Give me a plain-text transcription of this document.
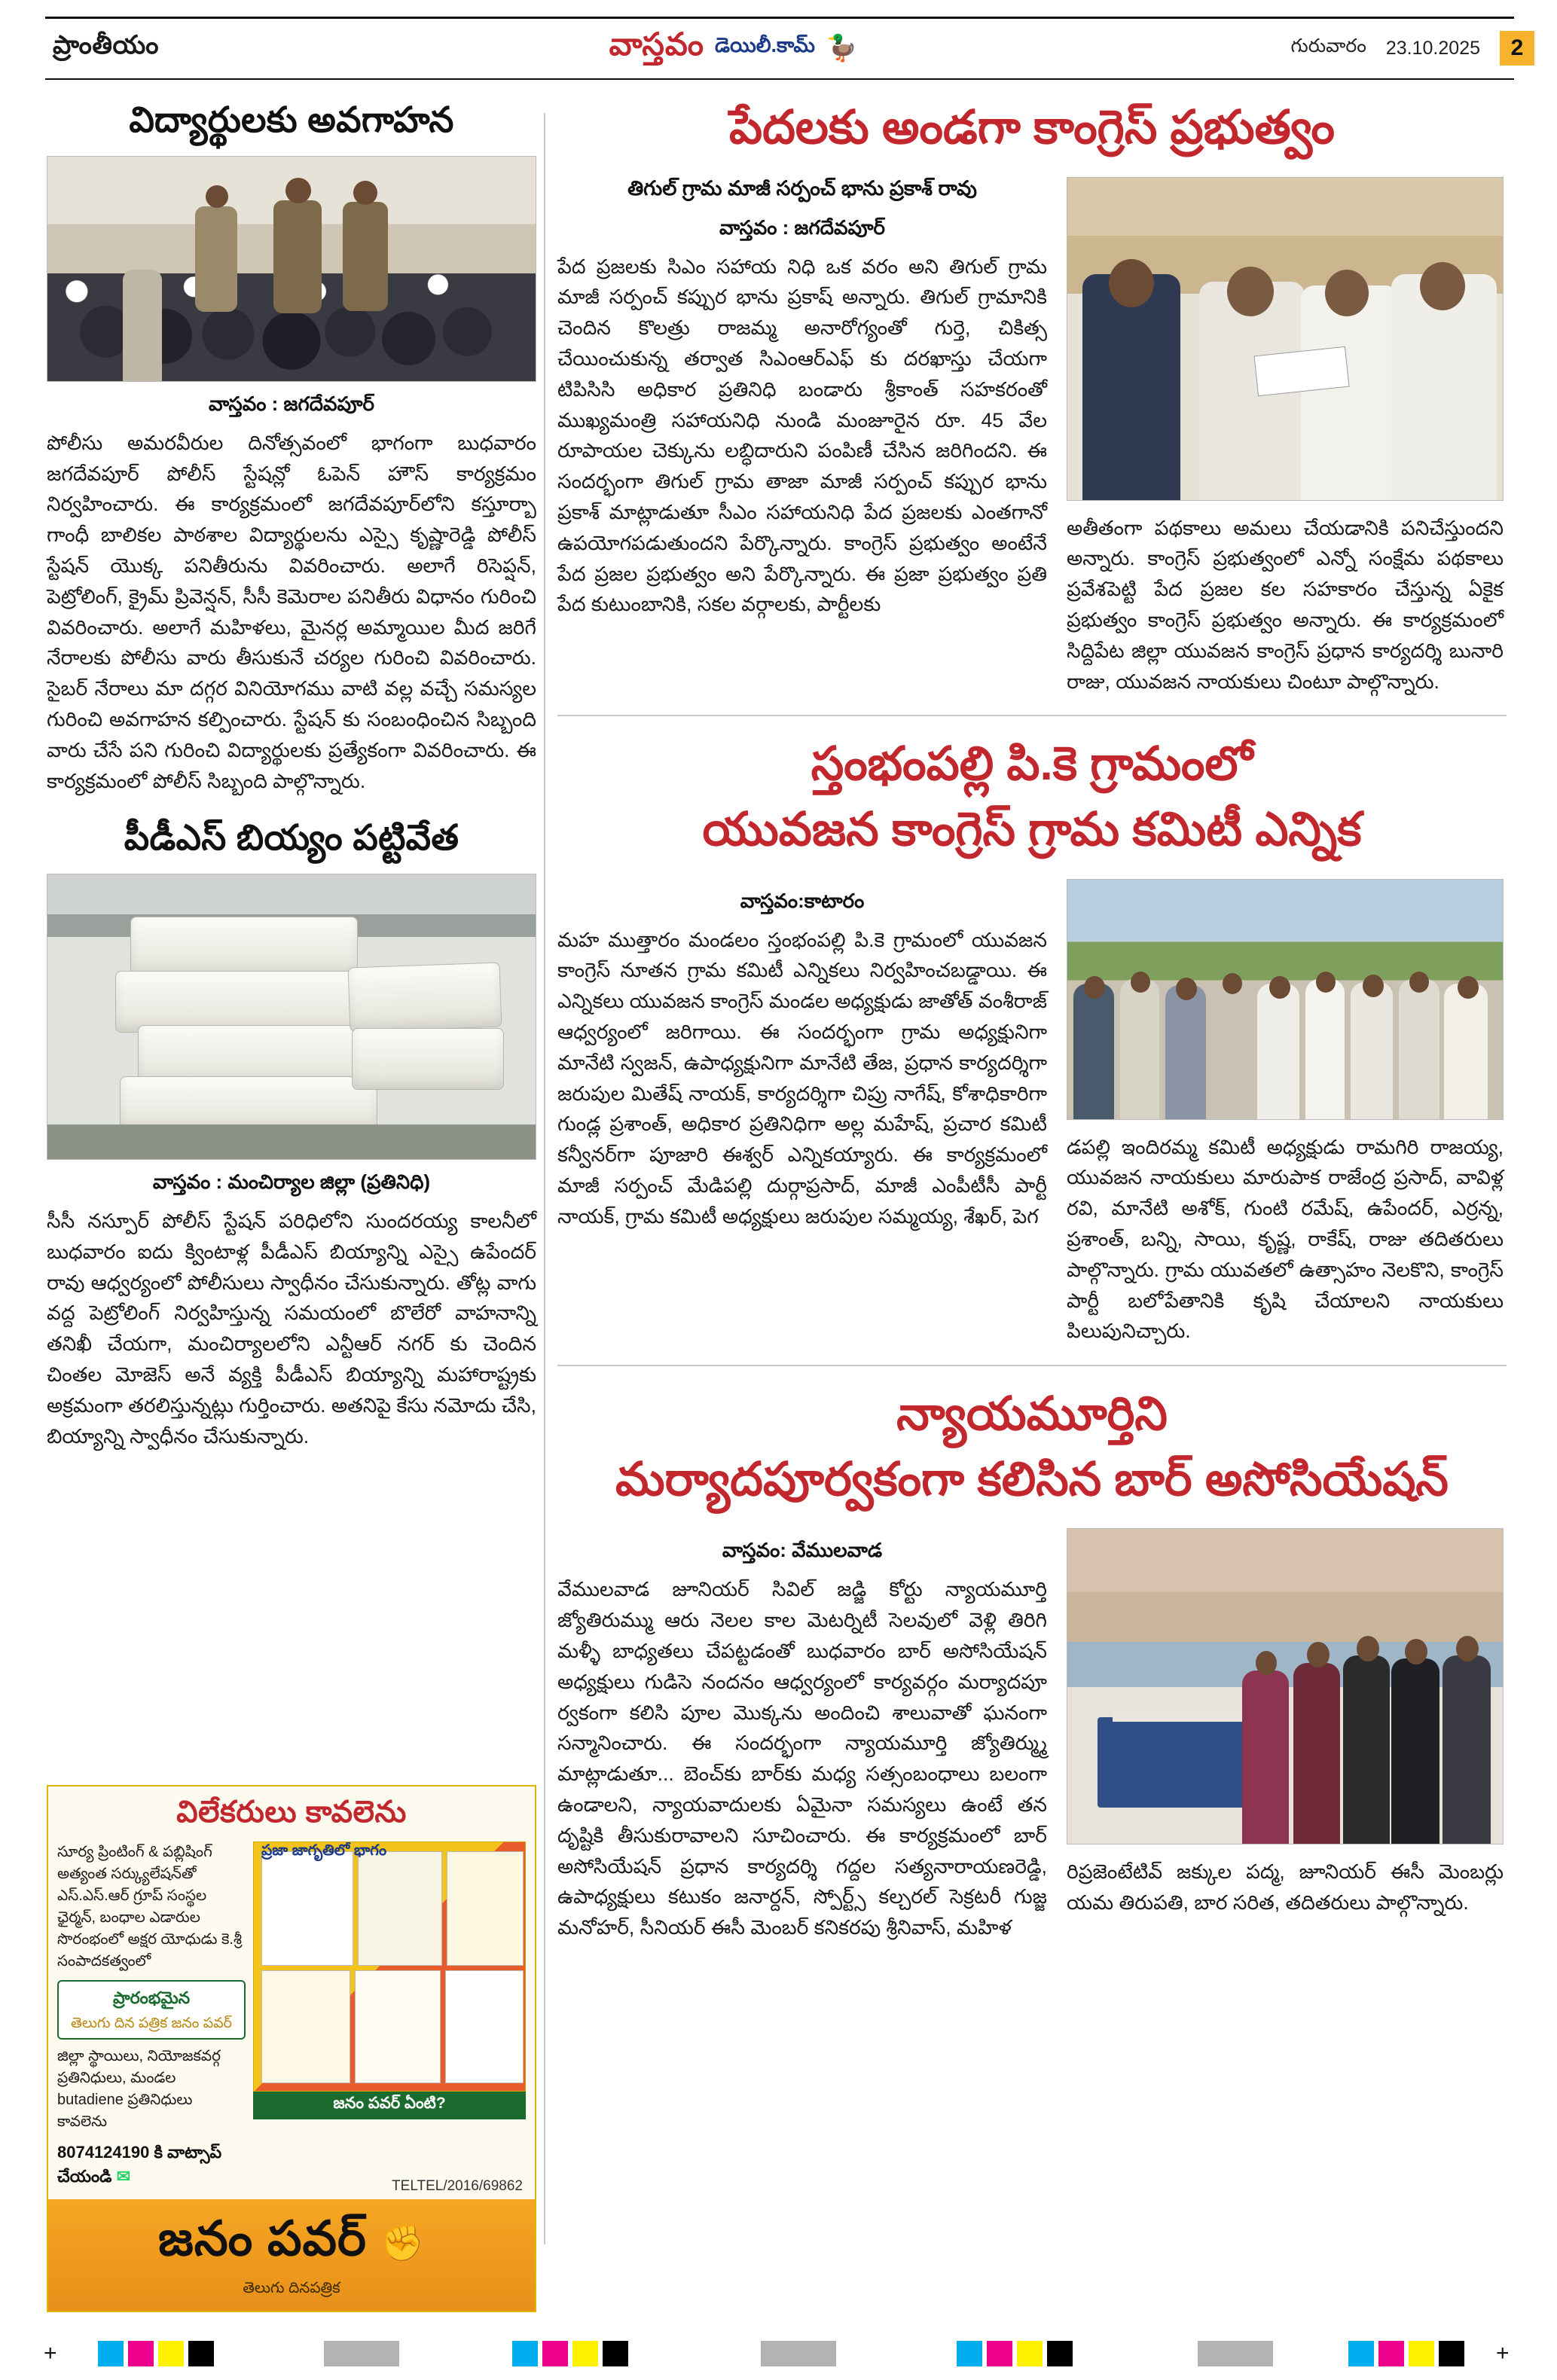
ప్రాంతీయం	వాస్తవం డెయిలీ.కామ్ 🦆	గురువారం 23.10.2025	2
విద్యార్థులకు అవగాహన
వాస్తవం : జగదేవపూర్
పోలీసు అమరవీరుల దినోత్సవంలో భాగంగా బుధవారం జగదేవపూర్ పోలీస్ స్టేషన్లో ఓపెన్ హౌస్ కార్యక్రమం నిర్వహించారు. ఈ కార్యక్రమంలో జగదేవపూర్‌లోని కస్తూర్బా గాంధీ బాలికల పాఠశాల విద్యార్థులను ఎస్సై కృష్ణారెడ్డి పోలీస్ స్టేషన్ యొక్క పనితీరును వివరించారు. అలాగే రిసెప్షన్, పెట్రోలింగ్, క్రైమ్ ప్రివెన్షన్, సీసీ కెమెరాల పనితీరు విధానం గురించి వివరించారు. అలాగే మహిళలు, మైనర్ల అమ్మాయిల మీద జరిగే నేరాలకు పోలీసు వారు తీసుకునే చర్యల గురించి వివరించారు. సైబర్ నేరాలు మా దగ్గర వినియోగము వాటి వల్ల వచ్చే సమస్యల గురించి అవగాహన కల్పించారు. స్టేషన్ కు సంబంధించిన సిబ్బంది వారు చేసే పని గురించి విద్యార్థులకు ప్రత్యేకంగా వివరించారు. ఈ కార్యక్రమంలో పోలీస్ సిబ్బంది పాల్గొన్నారు.
పీడీఎస్ బియ్యం పట్టివేత

వాస్తవం : మంచిర్యాల జిల్లా (ప్రతినిధి)
సీసీ నస్పూర్ పోలీస్ స్టేషన్ పరిధిలోని సుందరయ్య కాలనీలో బుధవారం ఐదు క్వింటాళ్ల పీడీఎస్ బియ్యాన్ని ఎస్సై ఉపేందర్ రావు ఆధ్వర్యంలో పోలీసులు స్వాధీనం చేసుకున్నారు. తోట్ల వాగు వద్ద పెట్రోలింగ్ నిర్వహిస్తున్న సమయంలో బొలేరో వాహనాన్ని తనిఖీ చేయగా, మంచిర్యాలలోని ఎన్టీఆర్ నగర్ కు చెందిన చింతల మోజెస్ అనే వ్యక్తి పీడీఎస్ బియ్యాన్ని మహారాష్ట్రకు అక్రమంగా తరలిస్తున్నట్లు గుర్తించారు. అతనిపై కేసు నమోదు చేసి, బియ్యాన్ని స్వాధీనం చేసుకున్నారు.
పేదలకు అండగా కాంగ్రెస్ ప్రభుత్వం
తిగుల్ గ్రామ మాజీ సర్పంచ్ భాను ప్రకాశ్ రావు
వాస్తవం : జగదేవపూర్
పేద ప్రజలకు సిఎం సహాయ నిధి ఒక వరం అని తిగుల్ గ్రామ మాజీ సర్పంచ్ కప్పుర భాను ప్రకాష్ అన్నారు. తిగుల్ గ్రామానికి చెందిన కొలత్రు రాజమ్మ అనారోగ్యంతో గుర్తె, చికిత్స చేయించుకున్న తర్వాత సిఎంఆర్ఎఫ్ కు దరఖాస్తు చేయగా టిపిసిసి అధికార ప్రతినిధి బండారు శ్రీకాంత్ సహకరంతో ముఖ్యమంత్రి సహాయనిధి నుండి మంజూరైన రూ. 45 వేల రూపాయల చెక్కును లబ్ధిదారుని పంపిణీ చేసిన జరిగిందని. ఈ సందర్భంగా తిగుల్ గ్రామ తాజా మాజీ సర్పంచ్ కప్పుర భాను ప్రకాశ్ మాట్లాడుతూ సీఎం సహాయనిధి పేద ప్రజలకు ఎంతగానో ఉపయోగపడుతుందని పేర్కొన్నారు. కాంగ్రెస్ ప్రభుత్వం అంటేనే పేద ప్రజల ప్రభుత్వం అని పేర్కొన్నారు. ఈ ప్రజా ప్రభుత్వం ప్రతి పేద కుటుంబానికి, సకల వర్గాలకు, పార్టీలకు
అతీతంగా పథకాలు అమలు చేయడానికి పనిచేస్తుందని అన్నారు. కాంగ్రెస్ ప్రభుత్వంలో ఎన్నో సంక్షేమ పథకాలు ప్రవేశపెట్టి పేద ప్రజల కల సహకారం చేస్తున్న ఏకైక ప్రభుత్వం కాంగ్రెస్ ప్రభుత్వం అన్నారు. ఈ కార్యక్రమంలో సిద్దిపేట జిల్లా యువజన కాంగ్రెస్ ప్రధాన కార్యదర్శి బునారి రాజు, యువజన నాయకులు చింటూ పాల్గొన్నారు.
స్తంభంపల్లి పి.కె గ్రామంలో
యువజన కాంగ్రెస్ గ్రామ కమిటీ ఎన్నిక
వాస్తవం:కాటారం
మహ ముత్తారం మండలం స్తంభంపల్లి పి.కె గ్రామంలో యువజన కాంగ్రెస్ నూతన గ్రామ కమిటీ ఎన్నికలు నిర్వహించబడ్డాయి. ఈ ఎన్నికలు యువజన కాంగ్రెస్ మండల అధ్యక్షుడు జాతోత్ వంశీరాజ్ ఆధ్వర్యంలో జరిగాయి. ఈ సందర్భంగా గ్రామ అధ్యక్షునిగా మానేటి స్వజన్, ఉపాధ్యక్షునిగా మానేటి తేజ, ప్రధాన కార్యదర్శిగా జరుపుల మితేష్ నాయక్, కార్యదర్శిగా చిప్రు నాగేష్, కోశాధికారిగా గుండ్ల ప్రశాంత్, అధికార ప్రతినిధిగా అల్ల మహేష్, ప్రచార కమిటీ కన్వీనర్‌గా పూజారి ఈశ్వర్ ఎన్నికయ్యారు. ఈ కార్యక్రమంలో మాజీ సర్పంచ్ మేడిపల్లి దుర్గాప్రసాద్, మాజీ ఎంపీటీసీ పార్టీ నాయక్, గ్రామ కమిటీ అధ్యక్షులు జరుపుల సమ్మయ్య, శేఖర్, పెగ
డపల్లి ఇందిరమ్మ కమిటీ అధ్యక్షుడు రామగిరి రాజయ్య, యువజన నాయకులు మారుపాక రాజేంద్ర ప్రసాద్, వావిళ్ల రవి, మానేటి అశోక్, గుంటి రమేష్, ఉపేందర్, ఎర్రన్న, ప్రశాంత్, బన్ని, సాయి, కృష్ణ, రాకేష్, రాజు తదితరులు పాల్గొన్నారు. గ్రామ యువతలో ఉత్సాహం నెలకొని, కాంగ్రెస్ పార్టీ బలోపేతానికి కృషి చేయాలని నాయకులు పిలుపునిచ్చారు.
న్యాయమూర్తిని
మర్యాదపూర్వకంగా కలిసిన బార్ అసోసియేషన్
వాస్తవం: వేములవాడ
వేములవాడ జూనియర్ సివిల్ జడ్జి కోర్టు న్యాయమూర్తి జ్యోతిరుమ్ము ఆరు నెలల కాల మెటర్నిటీ సెలవులో వెళ్లి తిరిగి మళ్ళీ బాధ్యతలు చేపట్టడంతో బుధవారం బార్ అసోసియేషన్ అధ్యక్షులు గుడిసె నందనం ఆధ్వర్యంలో కార్యవర్గం మర్యాదపూ ర్వకంగా కలిసి పూల మొక్కను అందించి శాలువాతో ఘనంగా సన్మానించారు. ఈ సందర్భంగా న్యాయమూర్తి జ్యోతిర్మ్ము మాట్లాడుతూ... బెంచ్‌కు బార్‌కు మధ్య సత్సంబంధాలు బలంగా ఉండాలని, న్యాయవాదులకు ఏమైనా సమస్యలు ఉంటే తన దృష్టికి తీసుకురావాలని సూచించారు. ఈ కార్యక్రమంలో బార్ అసోసియేషన్ ప్రధాన కార్యదర్శి గద్దల సత్యనారాయణరెడ్డి, ఉపాధ్యక్షులు కటుకం జనార్దన్, స్పోర్ట్స్ కల్చరల్ సెక్రటరీ గుజ్జ మనోహర్, సీనియర్ ఈసీ మెంబర్ కనికరపు శ్రీనివాస్, మహిళ
రిప్రజెంటేటివ్ జక్కుల పద్మ, జూనియర్ ఈసీ మెంబర్లు యమ తిరుపతి, బార సరిత, తదితరులు పాల్గొన్నారు.
విలేకరులు కావలెను
సూర్య ప్రింటింగ్ & పబ్లిషింగ్ అత్యంత సర్క్యులేషన్‌తో ఎస్‌.ఎస్‌.ఆర్ గ్రూప్ సంస్థల ఛైర్మన్, బంధాల ఎడారుల సొరంభంలో అక్షర యోధుడు కె.శ్రీ సంపాదకత్వంలో
ప్రారంభమైన
తెలుగు దిన పత్రిక జనం పవర్
జిల్లా స్థాయిలు, నియోజకవర్గ ప్రతినిధులు, మండల butadiene ప్రతినిధులు కావలెను
8074124190 కి వాట్సాప్ చేయండి ✉
ప్రజా జాగృతిలో భాగం
జనం పవర్ ఏంటి?
TELTEL/2016/69862
జనం పవర్ ✊
తెలుగు దినపత్రిక
+	+
